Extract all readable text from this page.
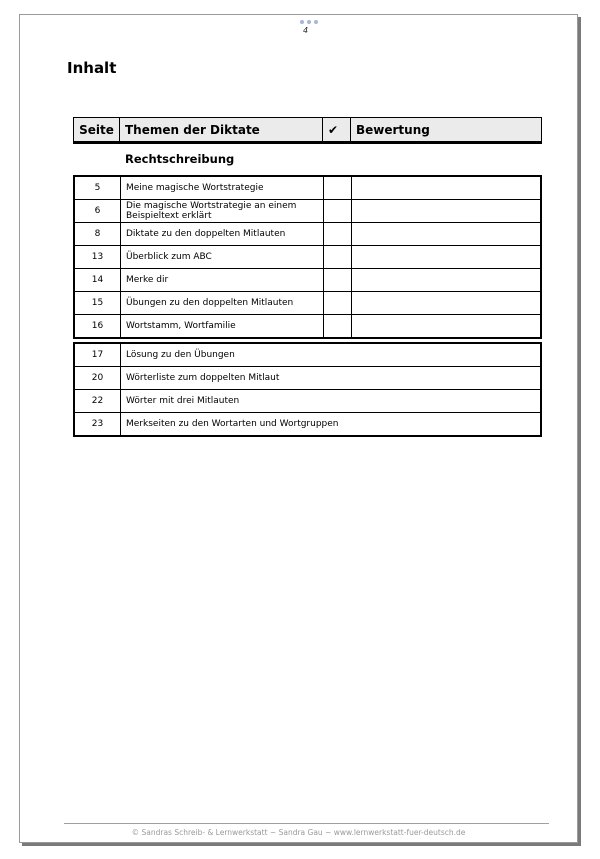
4
Inhalt
Seite	Themen der Diktate	✔	Bewertung
Rechtschreibung
5	Meine magische Wortstrategie		
6	Die magische Wortstrategie an einem Beispieltext erklärt		
8	Diktate zu den doppelten Mitlauten		
13	Überblick zum ABC		
14	Merke dir		
15	Übungen zu den doppelten Mitlauten		
16	Wortstamm, Wortfamilie		
17	Lösung zu den Übungen
20	Wörterliste zum doppelten Mitlaut
22	Wörter mit drei Mitlauten
23	Merkseiten zu den Wortarten und Wortgruppen
© Sandras Schreib- & Lernwerkstatt ~ Sandra Gau ~ www.lernwerkstatt-fuer-deutsch.de
